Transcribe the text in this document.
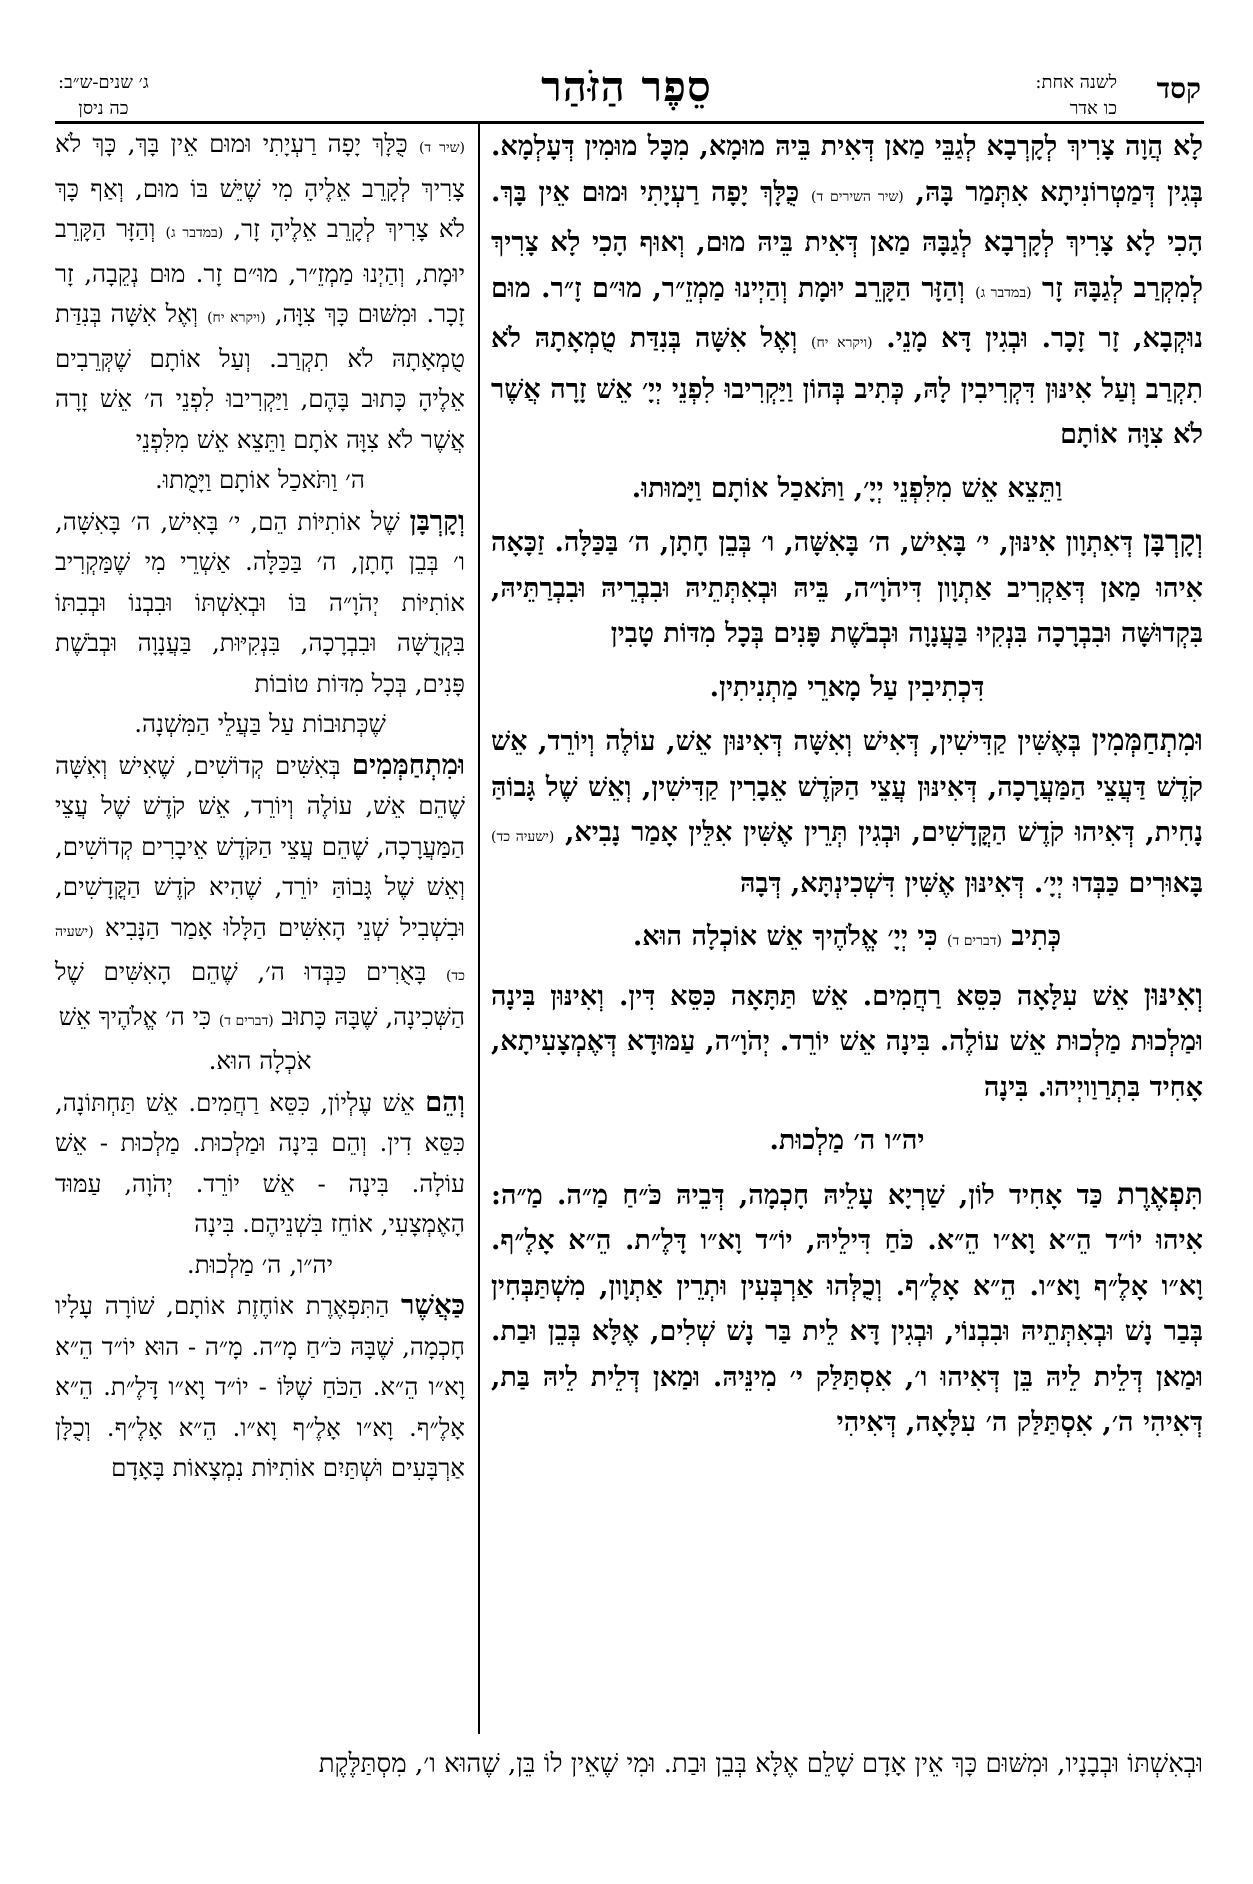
קסד
לשנה אחת:
כו אדר
סֵפֶר הַזֹּהַר
ג׳ שנים-ש״ב:
כה ניסן

לָא הֲוָה צָרִיךְ לְקָרְבָא לְגַבֵּי מַאן דְּאִית בֵּיהּ מוּמָא, מִכָּל מוּמִין דְּעָלְמָא. בְּגִין דְּמַטְרוֹנִיתָא אִתְּמַר בָּהּ, (שיר השירים ד) כֻּלָּךְ יָפָה רַעְיָתִי וּמוּם אֵין בָּךְ. הָכִי לָא צָרִיךְ לְקָרְבָא לְגַבָּהּ מַאן דְּאִית בֵּיהּ מוּם, וְאוּף הָכִי לָא צָרִיךְ לְמִקְרַב לְגַבָּהּ זָר (במדבר ג) וְהַזָּר הַקָּרֵב יוּמָת וְהַיְינוּ מַמְזֵ״ר, מוּ״ם זָ״ר. מוּם נוּקְבָא, זָר זָכָר. וּבְגִין דָּא מָנֵי. (ויקרא יח) וְאֶל אִשָּׁה בְּנִדַּת טֻמְאָתָהּ לֹא תִקְרַב וְעַל אִינּוּן דִּקְרִיבִין לָהּ, כְּתִיב בְּהוֹן וַיַּקְרִיבוּ לִפְנֵי יְיָ׳ אֵשׁ זָרָה אֲשֶׁר לֹא צִוָּה אוֹתָם

וַתֵּצֵא אֵשׁ מִלִּפְנֵי יְיָ׳, וַתֹּאכַל אוֹתָם וַיָּמוּתוּ.

וְקָרְבָּן דְּאִתְוָון אִינּוּן, י׳ בָּאִישׁ, ה׳ בָּאִשָּׁה, ו׳ בְּבֵן חָתָן, ה׳ בַּכַּלָּה. זַכָּאָה אִיהוּ מַאן דְּאַקְרִיב אַתְוָון דִּיהֹוָ״ה, בֵּיהּ וּבְאִתְּתֵיהּ וּבִבְרֵיהּ וּבִבְרַתֵּיהּ, בִּקְדוּשָּׁה וּבִבְרָכָה בִּנְקִיוּ בַּעֲנָוָה וּבְבֹשֶׁת פָּנִים בְּכָל מִדּוֹת טָבִין

דִּכְתִיבִין עַל מָארֵי מַתְנִיתִין.

וּמִתְחַמְּמִין בְּאֶשִּׁין קַדִּישִׁין, דְּאִישׁ וְאִשָּׁה דְּאִינּוּן אֵשׁ, עוֹלֶה וְיוֹרֵד, אֵשׁ קֹדֶשׁ דַּעֲצֵי הַמַּעֲרָכָה, דְּאִינּוּן עֲצֵי הַקֹּדֶשׁ אֵבָרִין קַדִּישִׁין, וְאֵשׁ שֶׁל גָּבוֹהַּ נָחִית, דְּאִיהוּ קֹדֶשׁ הַקֳּדָשִׁים, וּבְגִין תְּרֵין אֶשִּׁין אִלֵּין אָמַר נָבִיא, (ישעיה כד) בָּאוּרִים כַּבְּדוּ יְיָ׳. דְּאִינּוּן אֶשִּׁין דִּשְׁכִינְתָּא, דְּבָהּ

כְּתִיב (דברים ד) כִּי יְיָ׳ אֱלֹהֶיךָ אֵשׁ אוֹכְלָה הוּא.

וְאִינּוּן אֵשׁ עִלָּאָה כִּסֵּא רַחֲמִים. אֵשׁ תַּתָּאָה כִּסֵּא דִּין. וְאִינּוּן בִּינָה וּמַלְכוּת מַלְכוּת אֵשׁ עוֹלֶה. בִּינָה אֵשׁ יוֹרֵד. יְהֹוָ״ה, עַמּוּדָא דְּאֶמְצָעִיתָא, אָחִיד בִּתְרַוַויְיהוּ. בִּינָה

יה״ו ה׳ מַלְכוּת.

תִּפְאֶרֶת כַּד אָחִיד לוֹן, שַׁרְיָא עָלֵיהּ חָכְמָה, דְּבֵיהּ כֹּ״חַ מַ״ה. מַ״ה: אִיהוּ יוֹ״ד הֵ״א וָא״ו הֵ״א. כֹּחַ דִּילֵיהּ, יוֹ״ד וָא״ו דָּלֶ״ת. הֵ״א אָלֶ״ף. וָא״ו אָלֶ״ף וָא״ו. הֵ״א אָלֶ״ף. וְכֻלְּהוּ אַרְבְּעִין וּתְרֵין אַתְוָון, מִשְׁתַּבְּחִין בְּבַר נָשׁ וּבְאִתְּתֵיהּ וּבִבְנוֹי, וּבְגִין דָּא לֵית בַּר נָשׁ שְׁלִים, אֶלָּא בְּבֵן וּבַת. וּמַאן דְּלֵית לֵיהּ בֵּן דְּאִיהוּ ו׳, אִסְתַּלַּק י׳ מִינֵּיהּ. וּמַאן דְּלֵית לֵיהּ בַּת, דְּאִיהִי ה׳, אִסְתַּלַּק ה׳ עִלָּאָה, דְּאִיהִי

(שיר ד) כֻּלָּךְ יָפָה רַעְיָתִי וּמוּם אֵין בָּךְ, כָּךְ לֹא צָרִיךְ לְקָרֵב אֵלֶיהָ מִי שֶׁיֵּשׁ בּוֹ מוּם, וְאַף כָּךְ לֹא צָרִיךְ לְקָרֵב אֵלֶיהָ זָר, (במדבר ג) וְהַזָּר הַקָּרֵב יוּמָת, וְהַיְנוּ מַמְזֵ״ר, מוּ״ם זָר. מוּם נְקֵבָה, זָר זָכָר. וּמִשּׁוּם כָּךְ צִוָּה, (ויקרא יח) וְאֶל אִשָּׁה בְּנִדַּת טֻמְאָתָהּ לֹא תִקְרַב. וְעַל אוֹתָם שֶׁקְּרֵבִים אֵלֶיהָ כָּתוּב בָּהֶם, וַיַּקְרִיבוּ לִפְנֵי ה׳ אֵשׁ זָרָה אֲשֶׁר לֹא צִוָּה אֹתָם וַתֵּצֵא אֵשׁ מִלִּפְנֵי

ה׳ וַתֹּאכַל אוֹתָם וַיָּמֻתוּ.

וְקָרְבָּן שֶׁל אוֹתִיּוֹת הֵם, י׳ בָּאִישׁ, ה׳ בָּאִשָּׁה, ו׳ בְּבֵן חָתָן, ה׳ בַּכַּלָּה. אַשְׁרֵי מִי שֶׁמַּקְרִיב אוֹתִיּוֹת יְהֹוָ״ה בּוֹ וּבְאִשְׁתּוֹ וּבִבְנוֹ וּבְבִתּוֹ בִּקְדֻשָּׁה וּבִבְרָכָה, בִּנְקִיּוּת, בַּעֲנָוָה וּבְבֹשֶׁת פָּנִים, בְּכָל מִדּוֹת טוֹבוֹת

שֶׁכְּתוּבוֹת עַל בַּעֲלֵי הַמִּשְׁנָה.

וּמִתְחַמְּמִים בְּאִשִּׁים קְדוֹשִׁים, שֶׁאִישׁ וְאִשָּׁה שֶׁהֵם אֵשׁ, עוֹלֶה וְיוֹרֵד, אֵשׁ קֹדֶשׁ שֶׁל עֲצֵי הַמַּעֲרָכָה, שֶׁהֵם עֲצֵי הַקֹּדֶשׁ אֵיבָרִים קְדוֹשִׁים, וְאֵשׁ שֶׁל גָּבוֹהַּ יוֹרֵד, שֶׁהִיא קֹדֶשׁ הַקֳּדָשִׁים, וּבִשְׁבִיל שְׁנֵי הָאִשִּׁים הַלָּלוּ אָמַר הַנָּבִיא (ישעיה כד) בָּאֻרִים כַּבְּדוּ ה׳, שֶׁהֵם הָאִשִּׁים שֶׁל הַשְּׁכִינָה, שֶׁבָּהּ כָּתוּב (דברים ד) כִּי ה׳ אֱלֹהֶיךָ אֵשׁ

אֹכְלָה הוּא.

וְהֵם אֵשׁ עֶלְיוֹן, כִּסֵּא רַחֲמִים. אֵשׁ תַּחְתּוֹנָה, כִּסֵּא דִין. וְהֵם בִּינָה וּמַלְכוּת. מַלְכוּת - אֵשׁ עוֹלָה. בִּינָה - אֵשׁ יוֹרֵד. יְהֹוָה, עַמּוּד הָאֶמְצָעִי, אוֹחֵז בִּשְׁנֵיהֶם. בִּינָה

יה״ו, ה׳ מַלְכוּת.

כַּאֲשֶׁר הַתִּפְאֶרֶת אוֹחֶזֶת אוֹתָם, שׁוֹרָה עָלָיו חָכְמָה, שֶׁבָּהּ כֹּ״חַ מָ״ה. מָ״ה - הוּא יוֹ״ד הֵ״א וָא״ו הֵ״א. הַכֹּחַ שֶׁלּוֹ - יוֹ״ד וָא״ו דָּלֶ״ת. הֵ״א אָלֶ״ף. וָא״ו אָלֶ״ף וָא״ו. הֵ״א אָלֶ״ף. וְכֻלָּן אַרְבָּעִים וּשְׁתַּיִם אוֹתִיּוֹת נִמְצָאוֹת בָּאָדָם

וּבְאִשְׁתּוֹ וּבְבָנָיו, וּמִשּׁוּם כָּךְ אֵין אָדָם שָׁלֵם אֶלָּא בְּבֵן וּבַת. וּמִי שֶׁאֵין לוֹ בֵּן, שֶׁהוּא ו׳, מִסְתַּלֶּקֶת
